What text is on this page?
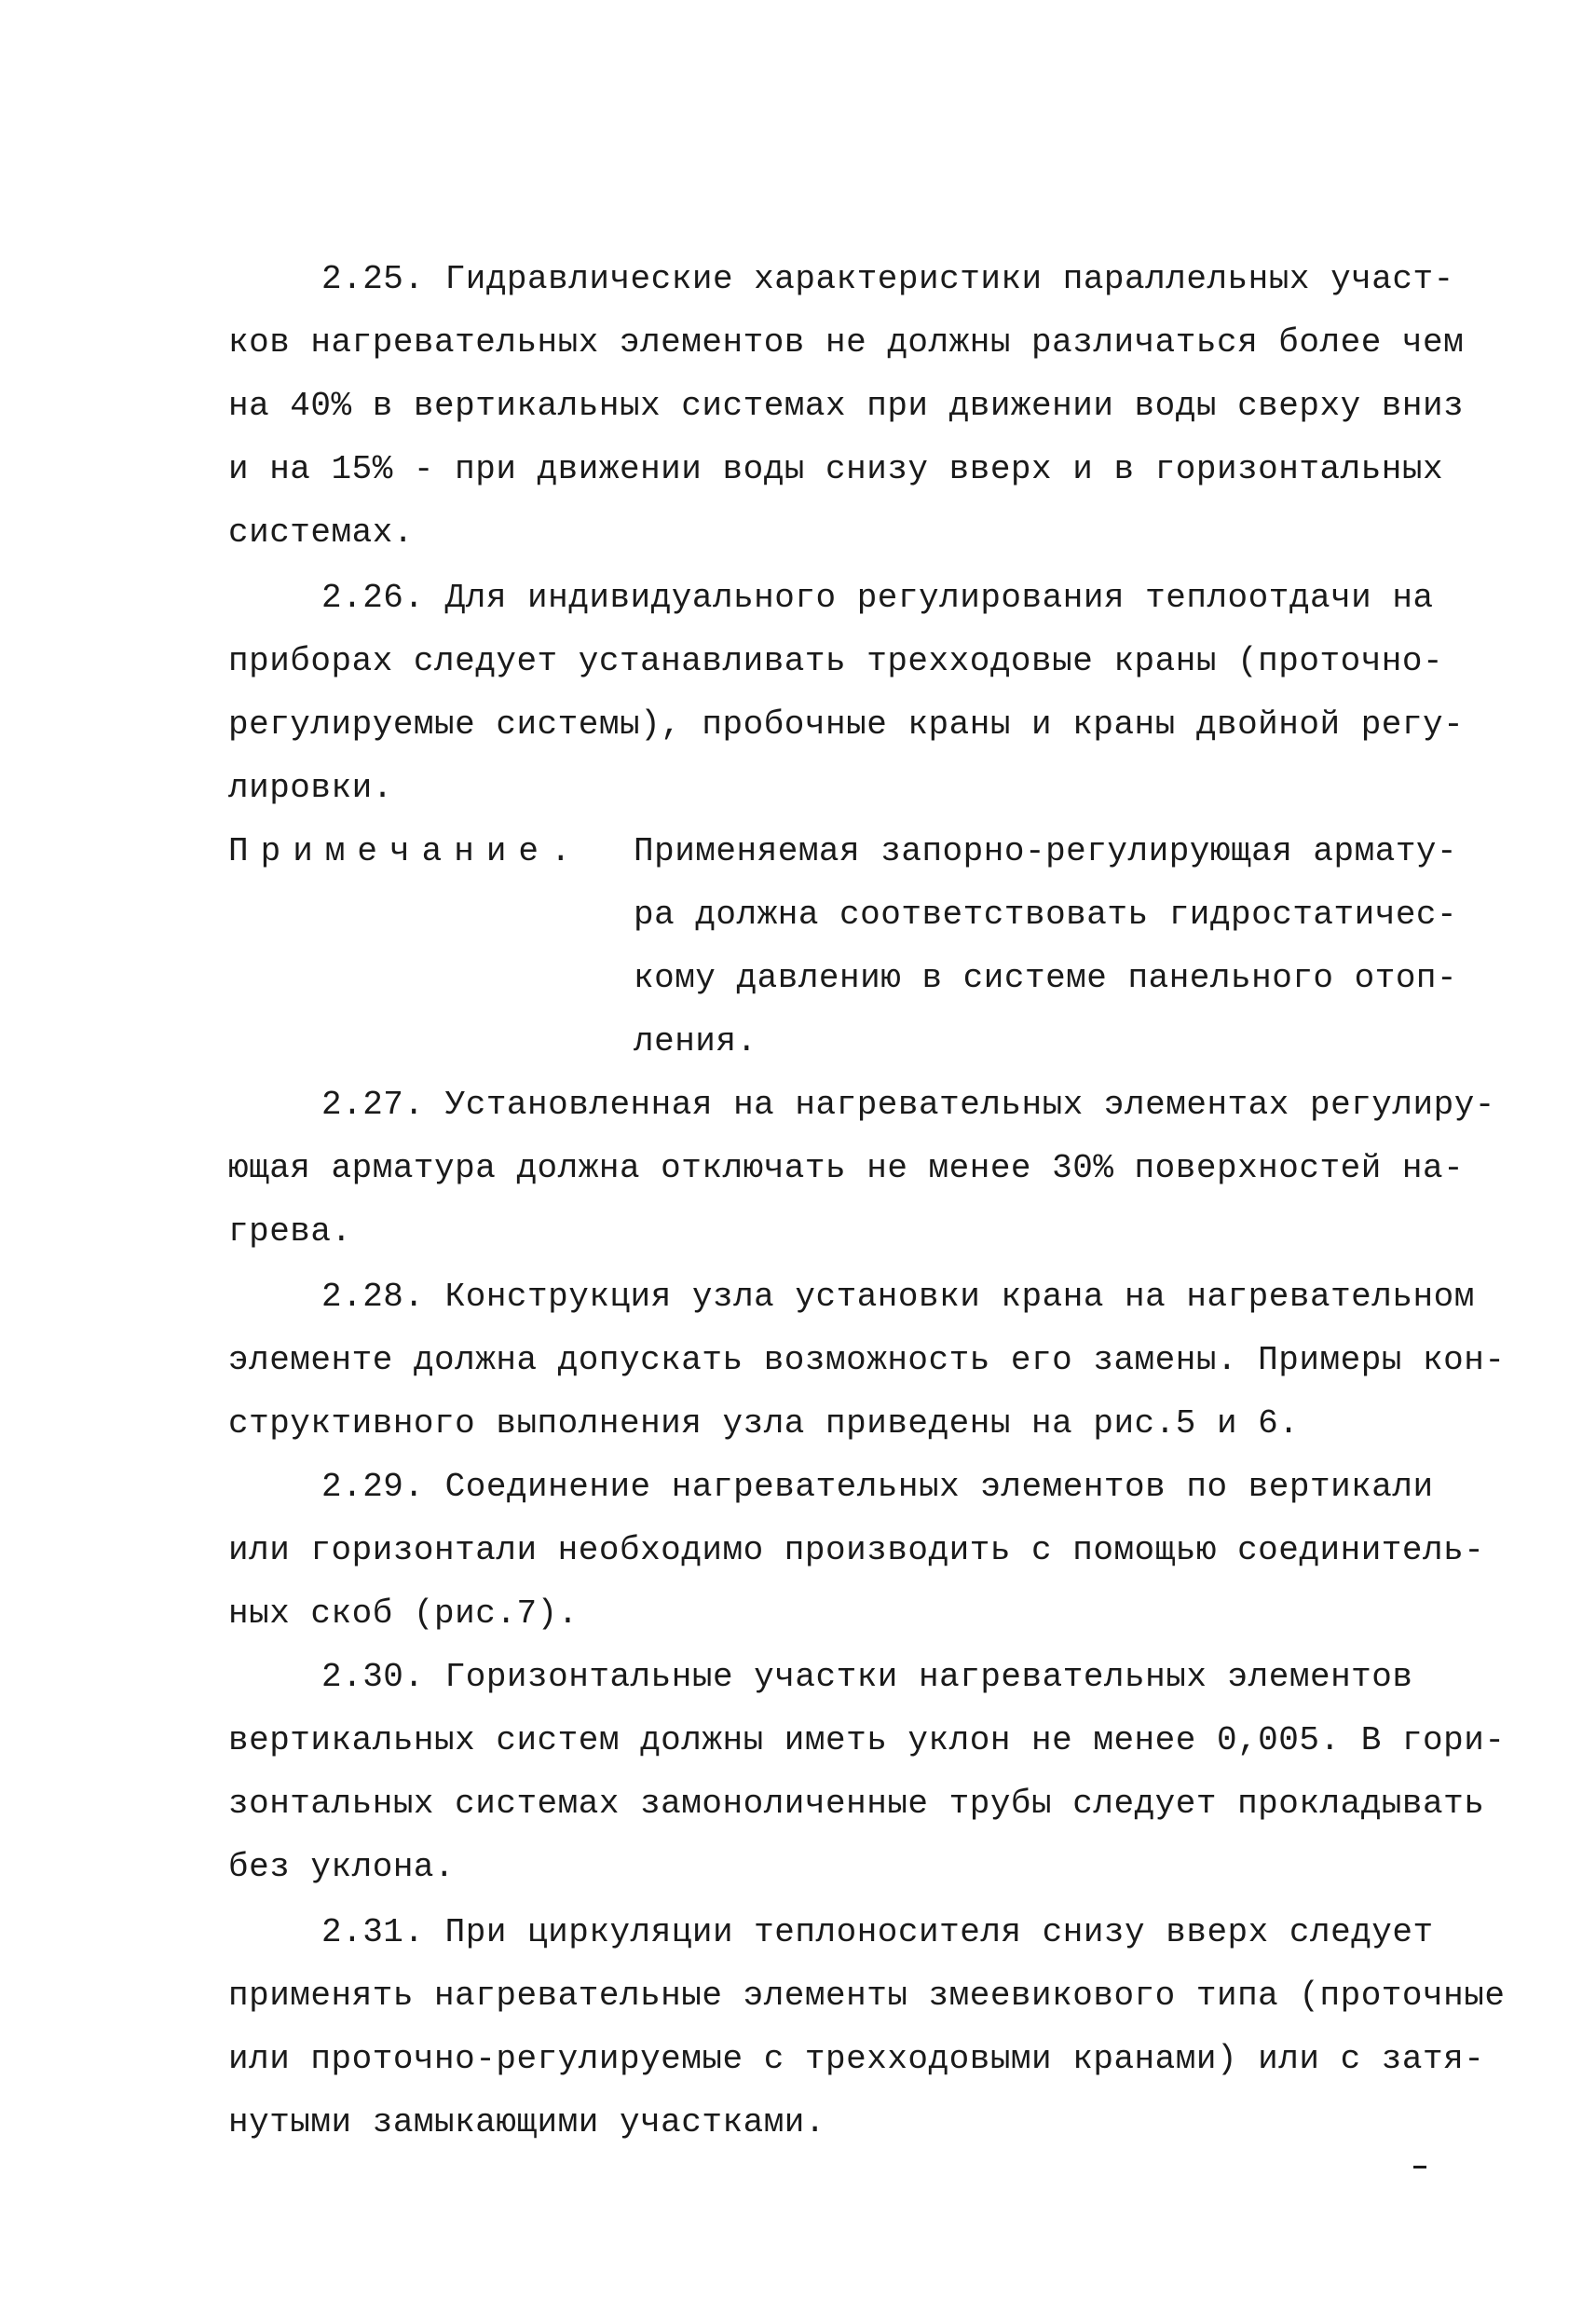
2.25. Гидравлические характеристики параллельных участ-
ков нагревательных элементов не должны различаться более чем
на 40% в вертикальных системах при движении воды сверху вниз
и на 15% - при движении воды снизу вверх и в горизонтальных
системах.
2.26. Для индивидуального регулирования теплоотдачи на
приборах следует устанавливать трехходовые краны (проточно-
регулируемые системы), пробочные краны и краны двойной регу-
лировки.
Примечание. Применяемая запорно-регулирующая армату-
ра должна соответствовать гидростатичес-
кому давлению в системе панельного отоп-
ления.
2.27. Установленная на нагревательных элементах регулиру-
ющая арматура должна отключать не менее 30% поверхностей на-
грева.
2.28. Конструкция узла установки крана на нагревательном
элементе должна допускать возможность его замены. Примеры кон-
структивного выполнения узла приведены на рис.5 и 6.
2.29. Соединение нагревательных элементов по вертикали
или горизонтали необходимо производить с помощью соединитель-
ных скоб (рис.7).
2.30. Горизонтальные участки нагревательных элементов
вертикальных систем должны иметь уклон не менее 0,005. В гори-
зонтальных системах замоноличенные трубы следует прокладывать
без уклона.
2.31. При циркуляции теплоносителя снизу вверх следует
применять нагревательные элементы змеевикового типа (проточные
или проточно-регулируемые с трехходовыми кранами) или с затя-
нутыми замыкающими участками.
